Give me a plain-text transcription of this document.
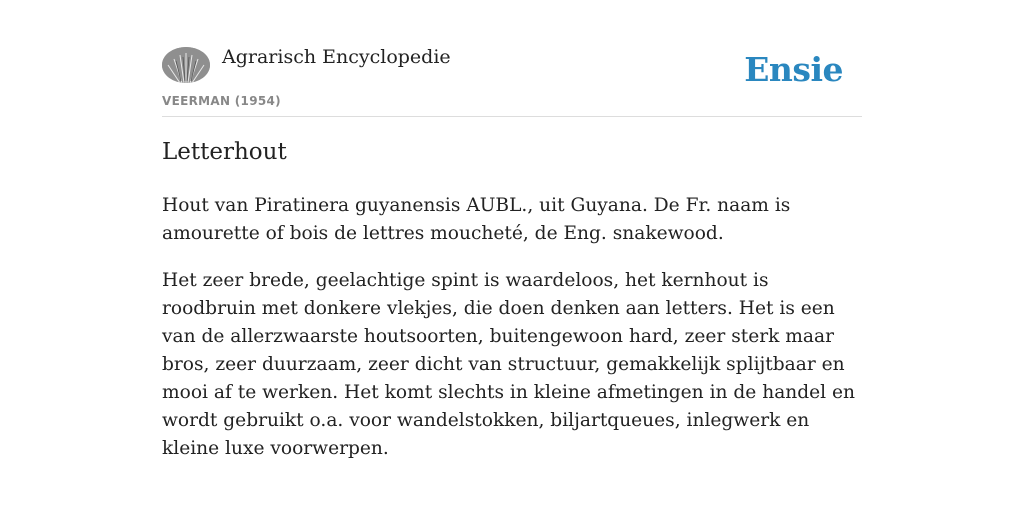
Agrarisch Encyclopedie
VEERMAN (1954)
Ensie
Letterhout

Hout van Piratinera guyanensis AUBL., uit Guyana. De Fr. naam is amourette of bois de lettres moucheté, de Eng. snakewood.

Het zeer brede, geelachtige spint is waardeloos, het kernhout is roodbruin met donkere vlekjes, die doen denken aan letters. Het is een van de allerzwaarste houtsoorten, buitengewoon hard, zeer sterk maar bros, zeer duurzaam, zeer dicht van structuur, gemakkelijk splijtbaar en mooi af te werken. Het komt slechts in kleine afmetingen in de handel en wordt gebruikt o.a. voor wandelstokken, biljartqueues, inlegwerk en kleine luxe voorwerpen.
